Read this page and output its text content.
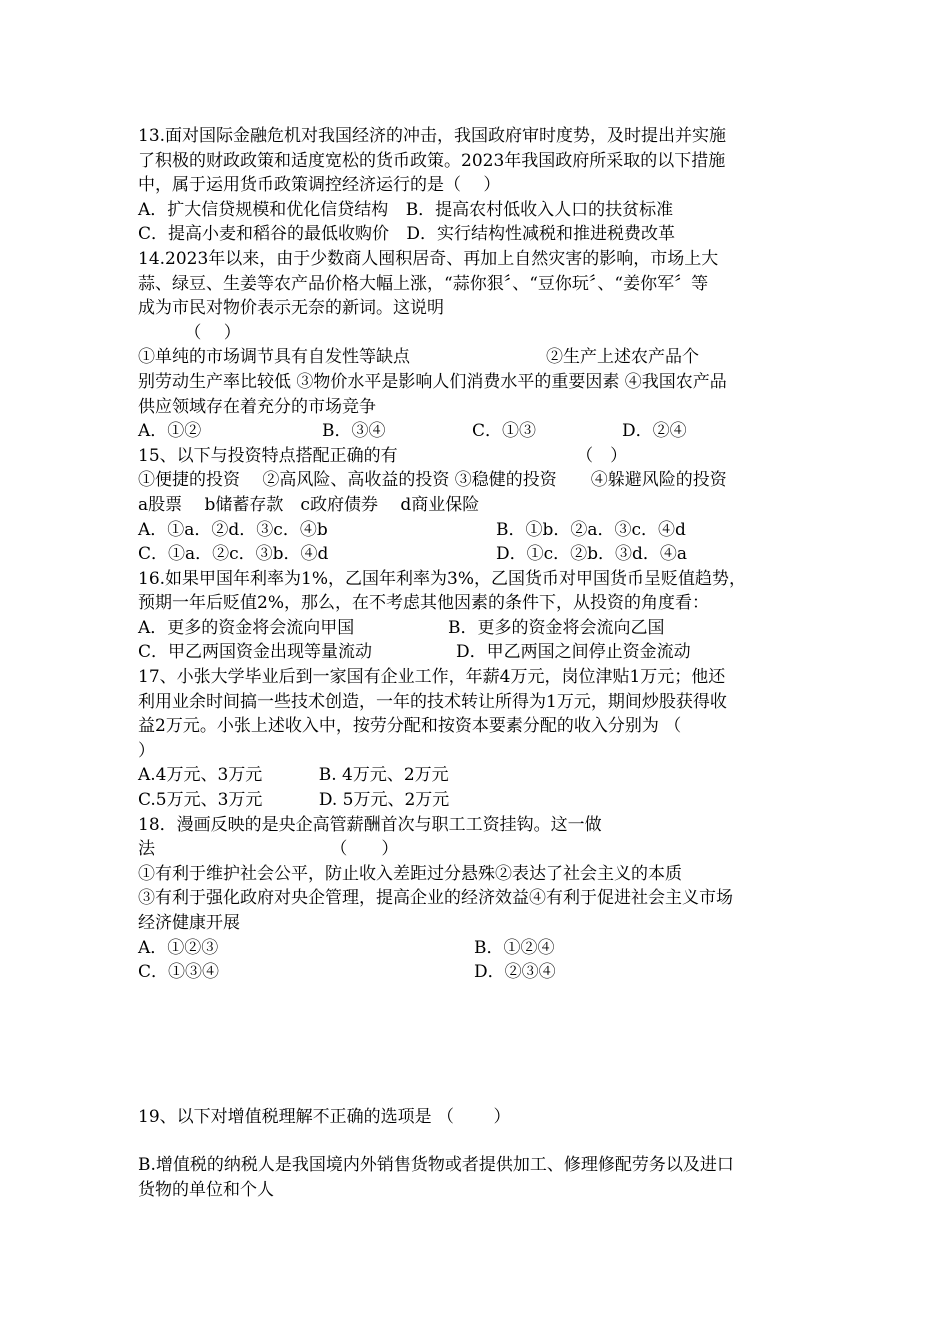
13.面对国际金融危机对我国经济的冲击，我国政府审时度势，及时提出并实施
了积极的财政政策和适度宽松的货币政策。2023年我国政府所采取的以下措施
中，属于运用货币政策调控经济运行的是（　 ）
A．扩大信贷规模和优化信贷结构 B．提高农村低收入人口的扶贫标准
C．提高小麦和稻谷的最低收购价 D．实行结构性减税和推进税费改革
14.2023年以来，由于少数商人囤积居奇、再加上自然灾害的影响，市场上大
蒜、绿豆、生姜等农产品价格大幅上涨，“蒜你狠〞、“豆你玩〞、“姜你军〞等
成为市民对物价表示无奈的新词。这说明
　 （　 ）
①单纯的市场调节具有自发性等缺点　　　　　　　　②生产上述农产品个
别劳动生产率比较低 ③物价水平是影响人们消费水平的重要因素 ④我国农产品
供应领域存在着充分的市场竞争
A．①②	B．③④	C．①③	D．②④
15、以下与投资特点搭配正确的有　　　　　　　　　　　（　）
①便捷的投资　 ②高风险、高收益的投资 ③稳健的投资　　④躲避风险的投资
a股票　 b储蓄存款　c政府债券　 d商业保险
A．①a．②d．③c．④b	B．①b．②a．③c．④d
C．①a．②c．③b．④d	D．①c．②b．③d．④a
16.如果甲国年利率为1%，乙国年利率为3%，乙国货币对甲国货币呈贬值趋势，
预期一年后贬值2%，那么，在不考虑其他因素的条件下，从投资的角度看：
A．更多的资金将会流向甲国	B．更多的资金将会流向乙国
C．甲乙两国资金出现等量流动	D．甲乙两国之间停止资金流动
17、小张大学毕业后到一家国有企业工作，年薪4万元，岗位津贴1万元；他还
利用业余时间搞一些技术创造，一年的技术转让所得为1万元，期间炒股获得收
益2万元。小张上述收入中，按劳分配和按资本要素分配的收入分别为 （
）
A.4万元、3万元　　　 B. 4万元、2万元
C.5万元、3万元　　　 D. 5万元、2万元
18．漫画反映的是央企高管薪酬首次与职工工资挂钩。这一做
法　　　　　　　　　　 （　　）
①有利于维护社会公平，防止收入差距过分悬殊②表达了社会主义的本质
③有利于强化政府对央企管理，提高企业的经济效益④有利于促进社会主义市场
经济健康开展
A．①②③	B．①②④
C．①③④	D．②③④
19、以下对增值税理解不正确的选项是 （　　 ）
B.增值税的纳税人是我国境内外销售货物或者提供加工、修理修配劳务以及进口
货物的单位和个人
